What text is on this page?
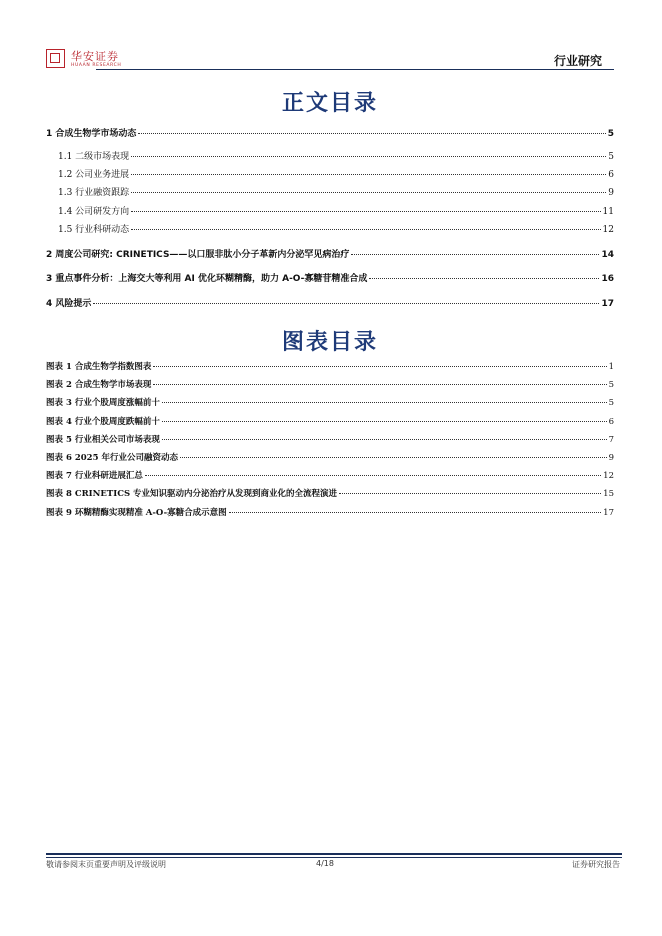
华安证券
HUAAN RESEARCH	行业研究
正文目录
1 合成生物学市场动态	5
1.1 二级市场表现	5
1.2 公司业务进展	6
1.3 行业融资跟踪	9
1.4 公司研发方向	11
1.5 行业科研动态	12
2 周度公司研究: CRINETICS——以口服非肽小分子革新内分泌罕见病治疗	14
3 重点事件分析：上海交大等利用 AI 优化环糊精酶，助力 A-O-寡糖苷精准合成	16
4 风险提示	17
图表目录
图表 1 合成生物学指数图表	1
图表 2 合成生物学市场表现	5
图表 3 行业个股周度涨幅前十	5
图表 4 行业个股周度跌幅前十	6
图表 5 行业相关公司市场表现	7
图表 6 2025 年行业公司融资动态	9
图表 7 行业科研进展汇总	12
图表 8 CRINETICS 专业知识驱动内分泌治疗从发现到商业化的全流程演进	15
图表 9 环糊精酶实现精准 A-O-寡糖合成示意图	17
敬请参阅末页重要声明及评级说明	4/18	证券研究报告
